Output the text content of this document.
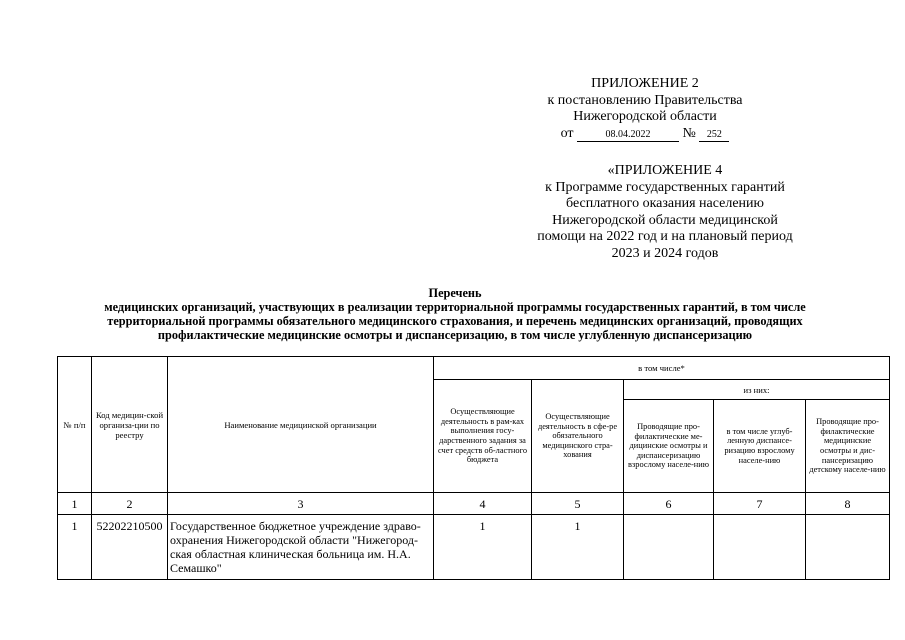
ПРИЛОЖЕНИЕ 2
к постановлению Правительства
Нижегородской области
от	08.04.2022 № 252
«ПРИЛОЖЕНИЕ 4
к Программе государственных гарантий
бесплатного оказания населению
Нижегородской области медицинской
помощи на 2022 год и на плановый период
2023 и 2024 годов
Перечень
медицинских организаций, участвующих в реализации территориальной программы государственных гарантий, в том числе
территориальной программы обязательного медицинского страхования, и перечень медицинских организаций, проводящих
профилактические медицинские осмотры и диспансеризацию, в том числе углубленную диспансеризацию
№ п/п	Код медицин-ской организа-ции по реестру	Наименование медицинской организации	в том числе*				
			Осуществляющие деятельность в рам-ках выполнения госу-дарственного задания за счет средств об-ластного бюджета	Осуществляющие деятельность в сфе-ре обязательного медицинского стра-хования	из них:		
					Проводящие про-филактические ме-дицинские осмотры и диспансеризацию взрослому населе-нию	в том числе углуб-ленную диспансе-ризацию взрослому населе-нию	Проводящие про-филактические медицинские осмотры и дис-пансеризацию детскому населе-нию
1	2	3	4	5	6	7	8
1	52202210500	Государственное бюджетное учреждение здраво-охранения Нижегородской области "Нижегород-ская областная клиническая больница им. Н.А. Семашко"	1	1			
